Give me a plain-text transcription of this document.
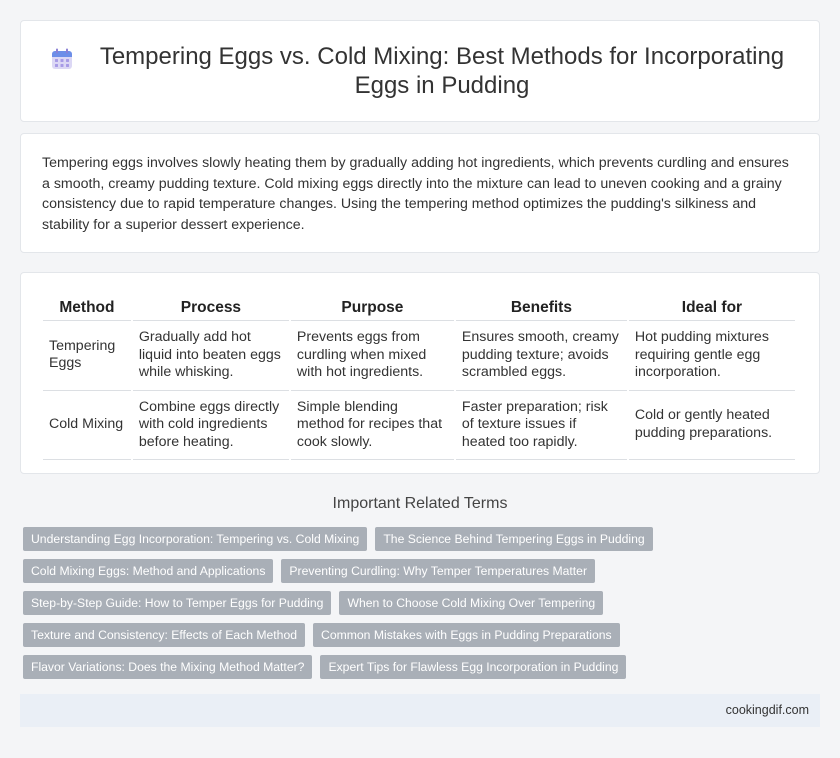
Tempering Eggs vs. Cold Mixing: Best Methods for Incorporating Eggs in Pudding

Tempering eggs involves slowly heating them by gradually adding hot ingredients, which prevents curdling and ensures a smooth, creamy pudding texture. Cold mixing eggs directly into the mixture can lead to uneven cooking and a grainy consistency due to rapid temperature changes. Using the tempering method optimizes the pudding's silkiness and stability for a superior dessert experience.

Method	Process	Purpose	Benefits	Ideal for
Tempering Eggs	Gradually add hot liquid into beaten eggs while whisking.	Prevents eggs from curdling when mixed with hot ingredients.	Ensures smooth, creamy pudding texture; avoids scrambled eggs.	Hot pudding mixtures requiring gentle egg incorporation.
Cold Mixing	Combine eggs directly with cold ingredients before heating.	Simple blending method for recipes that cook slowly.	Faster preparation; risk of texture issues if heated too rapidly.	Cold or gently heated pudding preparations.
Important Related Terms
Understanding Egg Incorporation: Tempering vs. Cold Mixing	The Science Behind Tempering Eggs in Pudding
Cold Mixing Eggs: Method and Applications	Preventing Curdling: Why Temper Temperatures Matter
Step-by-Step Guide: How to Temper Eggs for Pudding	When to Choose Cold Mixing Over Tempering
Texture and Consistency: Effects of Each Method	Common Mistakes with Eggs in Pudding Preparations
Flavor Variations: Does the Mixing Method Matter?	Expert Tips for Flawless Egg Incorporation in Pudding
cookingdif.com
